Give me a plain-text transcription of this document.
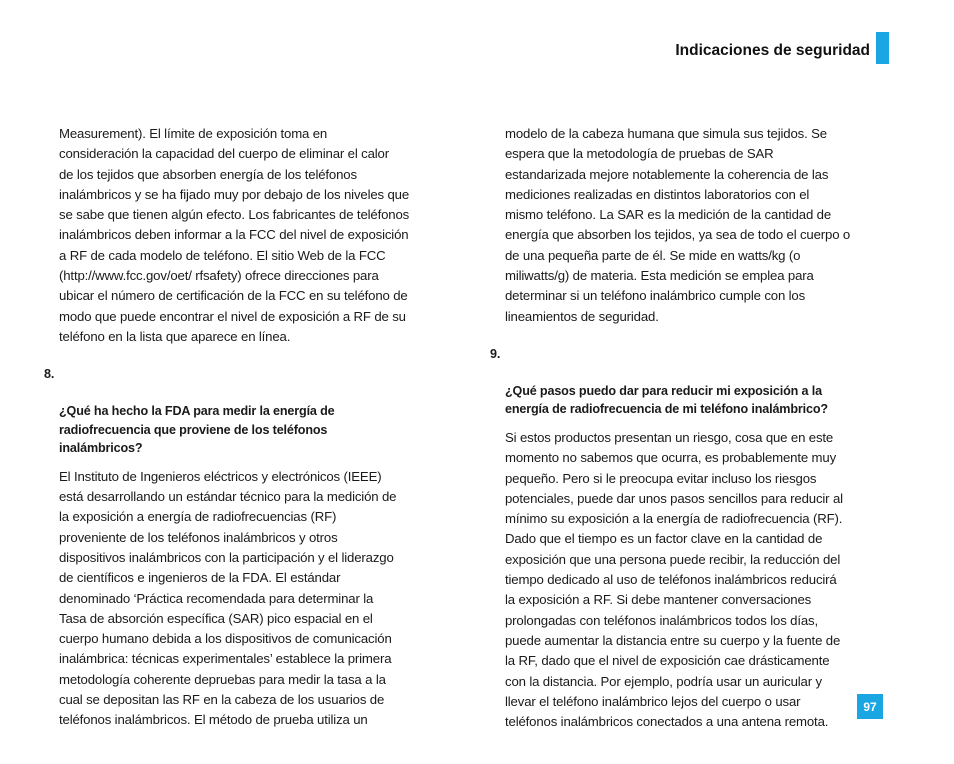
Indicaciones de seguridad

Measurement). El límite de exposición toma en
consideración la capacidad del cuerpo de eliminar el calor
de los tejidos que absorben energía de los teléfonos
inalámbricos y se ha fijado muy por debajo de los niveles que
se sabe que tienen algún efecto. Los fabricantes de teléfonos
inalámbricos deben informar a la FCC del nivel de exposición
a RF de cada modelo de teléfono. El sitio Web de la FCC
(http://www.fcc.gov/oet/ rfsafety) ofrece direcciones para
ubicar el número de certificación de la FCC en su teléfono de
modo que puede encontrar el nivel de exposición a RF de su
teléfono en la lista que aparece en línea.

8.

¿Qué ha hecho la FDA para medir la energía de
radiofrecuencia que proviene de los teléfonos
inalámbricos?

El Instituto de Ingenieros eléctricos y electrónicos (IEEE)
está desarrollando un estándar técnico para la medición de
la exposición a energía de radiofrecuencias (RF)
proveniente de los teléfonos inalámbricos y otros
dispositivos inalámbricos con la participación y el liderazgo
de científicos e ingenieros de la FDA. El estándar
denominado ‘Práctica recomendada para determinar la
Tasa de absorción específica (SAR) pico espacial en el
cuerpo humano debida a los dispositivos de comunicación
inalámbrica: técnicas experimentales’ establece la primera
metodología coherente depruebas para medir la tasa a la
cual se depositan las RF en la cabeza de los usuarios de
teléfonos inalámbricos. El método de prueba utiliza un

modelo de la cabeza humana que simula sus tejidos. Se
espera que la metodología de pruebas de SAR
estandarizada mejore notablemente la coherencia de las
mediciones realizadas en distintos laboratorios con el
mismo teléfono. La SAR es la medición de la cantidad de
energía que absorben los tejidos, ya sea de todo el cuerpo o
de una pequeña parte de él. Se mide en watts/kg (o
miliwatts/g) de materia. Esta medición se emplea para
determinar si un teléfono inalámbrico cumple con los
lineamientos de seguridad.

9.

¿Qué pasos puedo dar para reducir mi exposición a la
energía de radiofrecuencia de mi teléfono inalámbrico?

Si estos productos presentan un riesgo, cosa que en este
momento no sabemos que ocurra, es probablemente muy
pequeño. Pero si le preocupa evitar incluso los riesgos
potenciales, puede dar unos pasos sencillos para reducir al
mínimo su exposición a la energía de radiofrecuencia (RF).
Dado que el tiempo es un factor clave en la cantidad de
exposición que una persona puede recibir, la reducción del
tiempo dedicado al uso de teléfonos inalámbricos reducirá
la exposición a RF. Si debe mantener conversaciones
prolongadas con teléfonos inalámbricos todos los días,
puede aumentar la distancia entre su cuerpo y la fuente de
la RF, dado que el nivel de exposición cae drásticamente
con la distancia. Por ejemplo, podría usar un auricular y
llevar el teléfono inalámbrico lejos del cuerpo o usar
teléfonos inalámbricos conectados a una antena remota.

97
